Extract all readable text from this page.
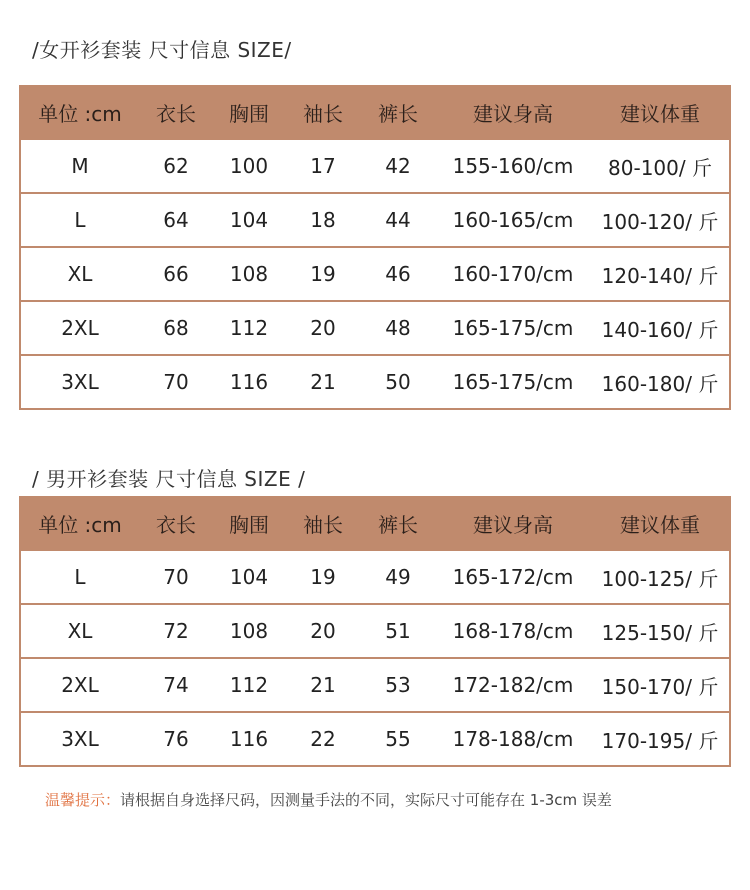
/女开衫套装 尺寸信息 SIZE/
单位 :cm	衣长	胸围	袖长	裤长	建议身高	建议体重
M	62	100	17	42	155-160/cm	80-100/ 斤
L	64	104	18	44	160-165/cm	100-120/ 斤
XL	66	108	19	46	160-170/cm	120-140/ 斤
2XL	68	112	20	48	165-175/cm	140-160/ 斤
3XL	70	116	21	50	165-175/cm	160-180/ 斤
/ 男开衫套装 尺寸信息 SIZE /
单位 :cm	衣长	胸围	袖长	裤长	建议身高	建议体重
L	70	104	19	49	165-172/cm	100-125/ 斤
XL	72	108	20	51	168-178/cm	125-150/ 斤
2XL	74	112	21	53	172-182/cm	150-170/ 斤
3XL	76	116	22	55	178-188/cm	170-195/ 斤
温馨提示：请根据自身选择尺码，因测量手法的不同，实际尺寸可能存在 1-3cm 误差
